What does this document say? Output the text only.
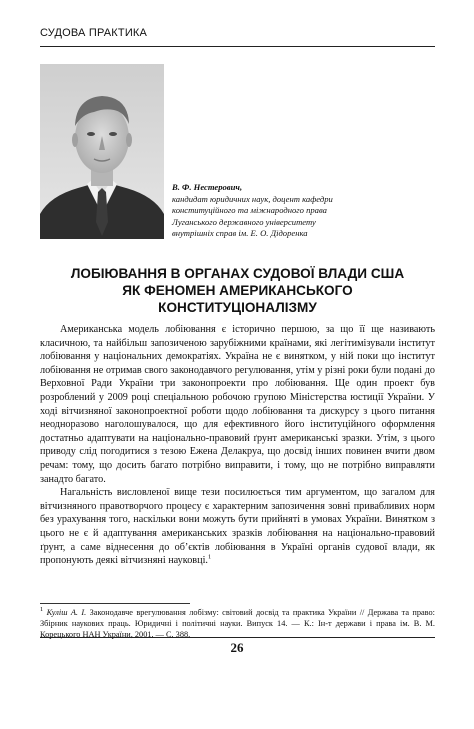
СУДОВА ПРАКТИКА
В. Ф. Нестерович,
кандидат юридичних наук, доцент кафедри
конституційного та міжнародного права
Луганського державного університету
внутрішніх справ ім. Е. О. Дідоренка
ЛОБІЮВАННЯ В ОРГАНАХ СУДОВОЇ ВЛАДИ США
ЯК ФЕНОМЕН АМЕРИКАНСЬКОГО
КОНСТИТУЦІОНАЛІЗМУ

Американська модель лобіювання є історично першою, за що її ще називають класичною, та найбільш запозиченою зарубіжними країнами, які легітимізували інститут лобіювання у національних демократіях. Україна не є винятком, у ній поки що інститут лобіювання не отримав свого законодавчого регулювання, утім у різні роки були подані до Верховної Ради України три законопроекти про лобіювання. Ще один проект був розроблений у 2009 році спеціальною робочою групою Міністерства юстиції України. У ході вітчизняної законопроектної роботи щодо лобіювання та дискурсу з цього питання неодноразово наголошувалося, що для ефективного його інституційного оформлення достатньо адаптувати на національно-правовий ґрунт американські зразки. Утім, з цього приводу слід погодитися з тезою Ежена Делакруа, що досвід інших повинен вчити двом речам: тому, що досить багато потрібно виправити, і тому, що не потрібно виправляти занадто багато.

Нагальність висловленої вище тези посилюється тим аргументом, що загалом для вітчизняного правотворчого процесу є характерним запозичення зовні привабливих норм без урахування того, наскільки вони можуть бути прийняті в умовах України. Винятком з цього не є й адаптування американських зразків лобіювання на національно-правовий ґрунт, а саме віднесення до об’єктів лобіювання в Україні органів судової влади, як пропонують деякі вітчизняні науковці.$^1$

$^1$ Куліш А. І. Законодавче врегулювання лобізму: світовий досвід та практика України // Держава та право: Збірник наукових праць. Юридичні і політичні науки. Випуск 14. — К.: Ін-т держави і права ім. В. М. Корецького НАН України, 2001. — С. 388.
26
